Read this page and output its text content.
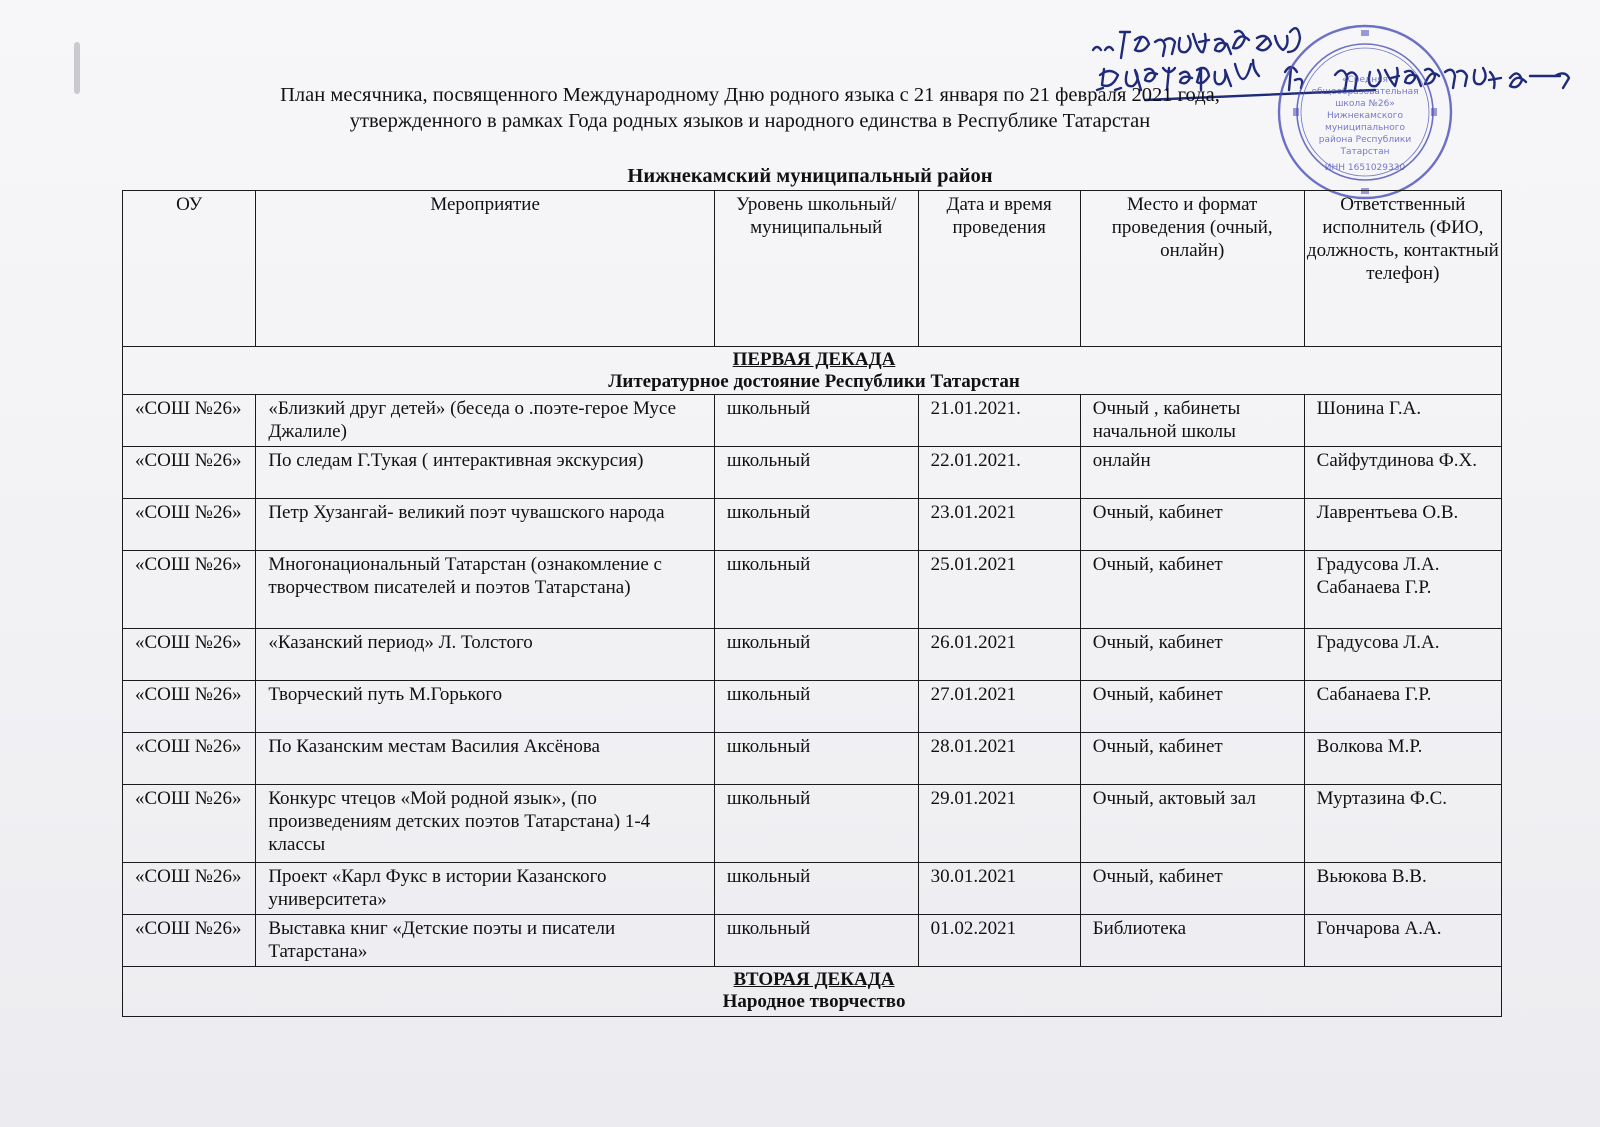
«Средняя
общеобразовательная
школа №26»
Нижнекамского
муниципального
района Республики
Татарстан
ИНН 1651029330
План месячника, посвященного Международному Дню родного языка с 21 января по 21 февраля 2021 года,
утвержденного в рамках Года родных языков и народного единства в Республике Татарстан
Нижнекамский муниципальный район
ОУ	Мероприятие	Уровень школьный/ муниципальный	Дата и время проведения	Место и формат проведения (очный, онлайн)	Ответственный исполнитель (ФИО, должность, контактный телефон)

ПЕРВАЯ ДЕКАДА
Литературное достояние Республики Татарстан					

«СОШ №26»	«Близкий друг детей» (беседа о .поэте-герое Мусе Джалиле)	школьный	21.01.2021.	Очный , кабинеты начальной школы	Шонина Г.А.
«СОШ №26»	По следам Г.Тукая ( интерактивная экскурсия)	школьный	22.01.2021.	онлайн	Сайфутдинова Ф.Х.
«СОШ №26»	Петр Хузангай- великий поэт чувашского народа	школьный	23.01.2021	Очный, кабинет	Лаврентьева О.В.
«СОШ №26»	Многонациональный Татарстан (ознакомление с творчеством писателей и поэтов Татарстана)	школьный	25.01.2021	Очный, кабинет	Градусова Л.А. Сабанаева Г.Р.
«СОШ №26»	«Казанский период» Л. Толстого	школьный	26.01.2021	Очный, кабинет	Градусова Л.А.
«СОШ №26»	Творческий путь М.Горького	школьный	27.01.2021	Очный, кабинет	Сабанаева Г.Р.
«СОШ №26»	По Казанским местам Василия Аксёнова	школьный	28.01.2021	Очный, кабинет	Волкова М.Р.
«СОШ №26»	Конкурс чтецов «Мой родной язык», (по произведениям детских поэтов Татарстана) 1-4 классы	школьный	29.01.2021	Очный, актовый зал	Муртазина Ф.С.
«СОШ №26»	Проект «Карл Фукс в истории Казанского университета»	школьный	30.01.2021	Очный, кабинет	Вьюкова В.В.
«СОШ №26»	Выставка книг «Детские поэты и писатели Татарстана»	школьный	01.02.2021	Библиотека	Гончарова А.А.

ВТОРАЯ ДЕКАДА
Народное творчество					
